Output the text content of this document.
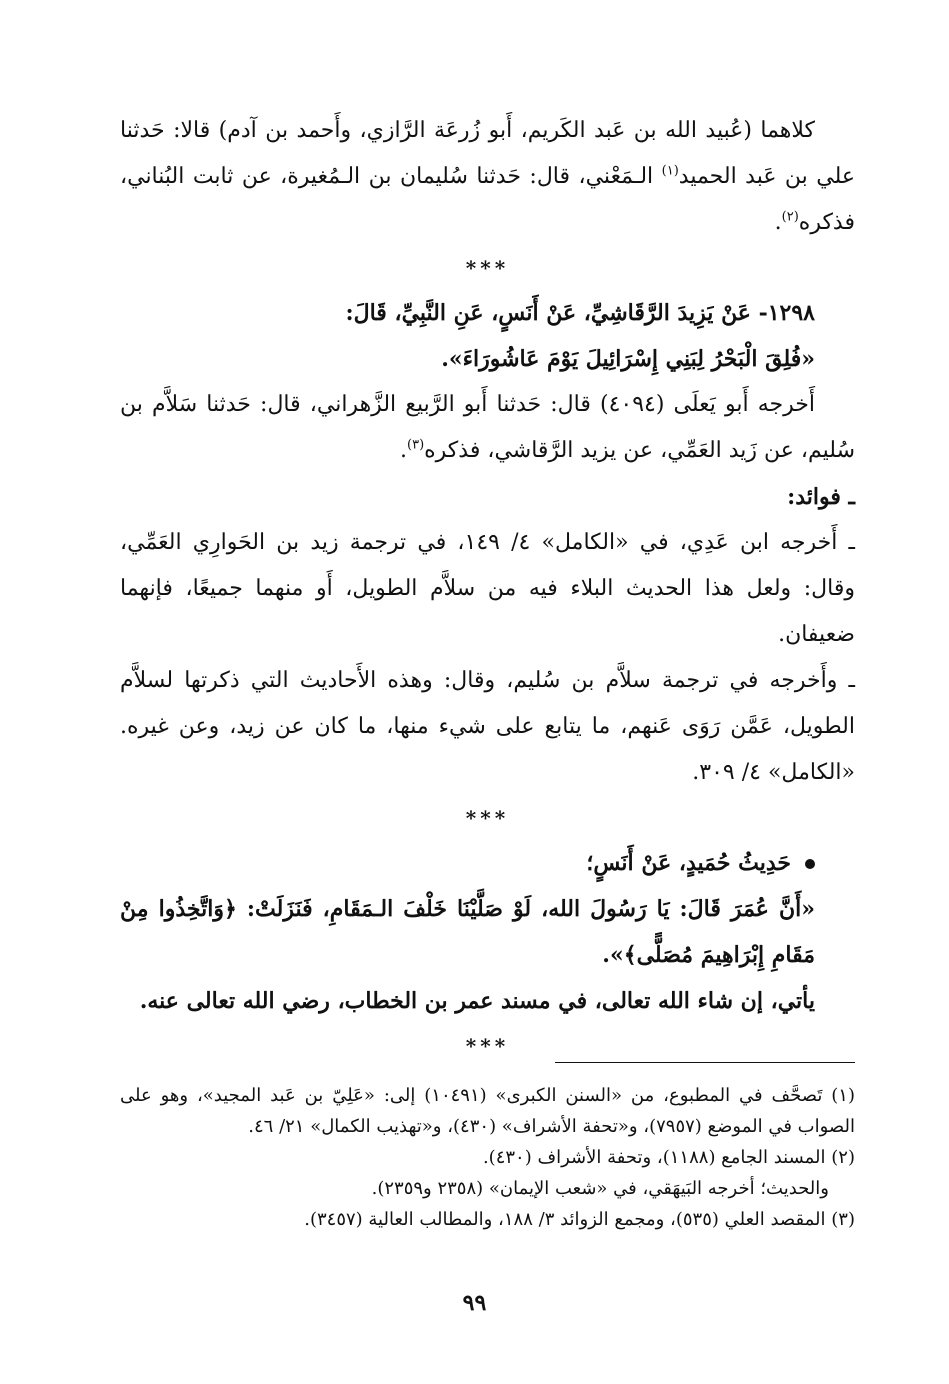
كلاهما (عُبيد الله بن عَبد الكَريم، أَبو زُرعَة الرَّازي، وأَحمد بن آدم) قالا: حَدثنا علي بن عَبد الحميد$^{(١)}$ الـمَعْني، قال: حَدثنا سُليمان بن الـمُغيرة، عن ثابت البُناني، فذكره$^{(٢)}$.

***

١٢٩٨- عَنْ يَزِيدَ الرَّقَاشِيِّ، عَنْ أَنَسٍ، عَنِ النَّبِيِّ، قَالَ:

«فُلِقَ الْبَحْرُ لِبَنِي إِسْرَائِيلَ يَوْمَ عَاشُورَاءَ».

أَخرجه أَبو يَعلَى (٤٠٩٤) قال: حَدثنا أَبو الرَّبيع الزَّهراني، قال: حَدثنا سَلاَّم بن سُليم، عن زَيد العَمِّي، عن يزيد الرَّقاشي، فذكره$^{(٣)}$.

ـ فوائد:

ـ أَخرجه ابن عَدِي، في «الكامل» ٤/ ١٤٩، في ترجمة زيد بن الحَوارِي العَمِّي، وقال: ولعل هذا الحديث البلاء فيه من سلاَّم الطويل، أَو منهما جميعًا، فإنهما ضعيفان.

ـ وأَخرجه في ترجمة سلاَّم بن سُليم، وقال: وهذه الأَحاديث التي ذكرتها لسلاَّم الطويل، عَمَّن رَوَى عَنهم، ما يتابع على شيء منها، ما كان عن زيد، وعن غيره. «الكامل» ٤/ ٣٠٩.

***

حَدِيثُ حُمَيدٍ، عَنْ أَنَسٍ؛

«أَنَّ عُمَرَ قَالَ: يَا رَسُولَ الله، لَوْ صَلَّيْنَا خَلْفَ الـمَقَامِ، فَنَزَلَتْ: ﴿وَاتَّخِذُوا مِنْ مَقَامِ إِبْرَاهِيمَ مُصَلًّى﴾».

يأتي، إن شاء الله تعالى، في مسند عمر بن الخطاب، رضي الله تعالى عنه.

***

(١) تَصحَّف في المطبوع، من «السنن الكبرى» (١٠٤٩١) إلى: «عَلِيّ بن عَبد المجيد»، وهو على الصواب في الموضع (٧٩٥٧)، و«تحفة الأشراف» (٤٣٠)، و«تهذيب الكمال» ٢١/ ٤٦.

(٢) المسند الجامع (١١٨٨)، وتحفة الأشراف (٤٣٠).

والحديث؛ أخرجه البَيهَقي، في «شعب الإيمان» (٢٣٥٨ و٢٣٥٩).

(٣) المقصد العلي (٥٣٥)، ومجمع الزوائد ٣/ ١٨٨، والمطالب العالية (٣٤٥٧).

٩٩
